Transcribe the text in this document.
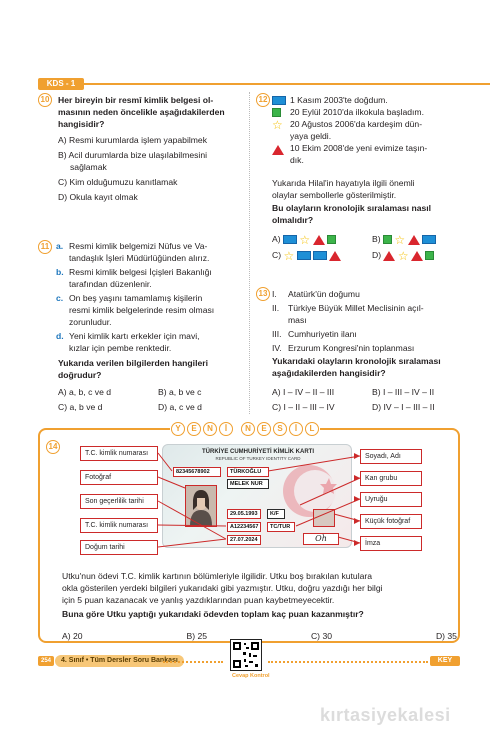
KDS - 1
10 Her bireyin bir resmî kimlik belgesi ol-
masının neden öncelikle aşağıdakilerden
hangisidir?
A) Resmi kurumlarda işlem yapabilmek
B) Acil durumlarda bize ulaşılabilmesini
sağlamak
C) Kim olduğumuzu kanıtlamak
D) Okula kayıt olmak
11 a. Resmi kimlik belgemizi Nüfus ve Va-
tandaşlık İşleri Müdürlüğünden alırız.
b. Resmi kimlik belgesi İçişleri Bakanlığı
tarafından düzenlenir.
c. On beş yaşını tamamlamış kişilerin
resmi kimlik belgelerinde resim olması
zorunludur.
d. Yeni kimlik kartı erkekler için mavi,
kızlar için pembe renktedir.
Yukarıda verilen bilgilerden hangileri
doğrudur?
A) a, b, c ve d	B) a, b ve c
C) a, b ve d	D) a, c ve d
12	1 Kasım 2003'te doğdum.
20 Eylül 2010'da ilkokula başladım.
☆ 20 Ağustos 2006'da kardeşim dün-
yaya geldi.
10 Ekim 2008'de yeni evimize taşın-
dık.
Yukarıda Hilal'in hayatıyla ilgili önemli
olaylar sembollerle gösterilmiştir.
Bu olayların kronolojik sıralaması nasıl
olmalıdır?
A) ☆	B) ☆
C) ☆	D) ☆
13 I.	Atatürk'ün doğumu
II.	Türkiye Büyük Millet Meclisinin açıl-
ması
III. Cumhuriyetin ilanı
IV. Erzurum Kongresi'nin toplanması
Yukarıdaki olayların kronolojik sıralaması
aşağıdakilerden hangisidir?
A) I – IV – II – III	B) I – III – IV – II
C) I – II – III – IV	D) IV – I – III – II
Y	E	N	İ	N	E	S	İ	L
14
T.C. kimlik numarası
Fotoğraf
Son geçerlilik tarihi
T.C. kimlik numarası
Doğum tarihi
Soyadı, Adı
Kan grubu
Uyruğu
Küçük fotoğraf
İmza
TÜRKİYE CUMHURİYETİ KİMLİK KARTI
REPUBLIC OF TURKEY IDENTITY CARD
82345678902	TÜRKOĞLU
MELEK NUR
29.05.1993	K/F
A12234567	TC/TUR
27.07.2024	Oh
Utku'nun ödevi T.C. kimlik kartının bölümleriyle ilgilidir. Utku boş bırakılan kutulara
oklа gösterilen yerdeki bilgileri yukarıdaki gibi yazmıştır. Utku, doğru yazdığı her bilgi
için 5 puan kazanacak ve yanlış yazdıklarından puan kaybetmeyecektir.
Buna göre Utku yaptığı yukarıdaki ödevden toplam kaç puan kazanmıştır?
A) 20	B) 25	C) 30	D) 35
254	4. Sınıf • Tüm Dersler Soru Bankası
Cevap Kontrol
KEY
kırtasiyekalesi
